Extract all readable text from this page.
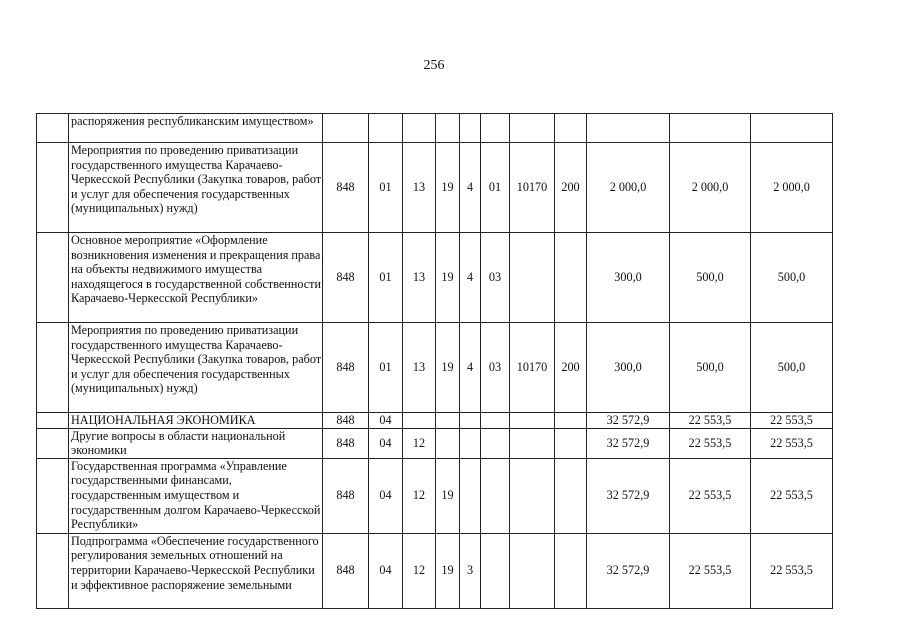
256
	распоряжения республиканским имуществом»											
	Мероприятия по проведению приватизации государственного имущества Карачаево-Черкесской Республики (Закупка товаров, работ и услуг для обеспечения государственных (муниципальных) нужд)	848	01	13	19	4	01	10170	200	2 000,0	2 000,0	2 000,0
	Основное мероприятие «Оформление возникновения изменения и прекращения права на объекты недвижимого имущества находящегося в государственной собственности Карачаево-Черкесской Республики»	848	01	13	19	4	03			300,0	500,0	500,0
	Мероприятия по проведению приватизации государственного имущества Карачаево-Черкесской Республики (Закупка товаров, работ и услуг для обеспечения государственных (муниципальных) нужд)	848	01	13	19	4	03	10170	200	300,0	500,0	500,0
	НАЦИОНАЛЬНАЯ ЭКОНОМИКА	848	04							32 572,9	22 553,5	22 553,5
	Другие вопросы в области национальной экономики	848	04	12						32 572,9	22 553,5	22 553,5
	Государственная программа «Управление государственными финансами, государственным имуществом и государственным долгом Карачаево-Черкесской Республики»	848	04	12	19					32 572,9	22 553,5	22 553,5
	Подпрограмма «Обеспечение государственного регулирования земельных отношений на территории Карачаево-Черкесской Республики и эффективное распоряжение земельными	848	04	12	19	3				32 572,9	22 553,5	22 553,5
